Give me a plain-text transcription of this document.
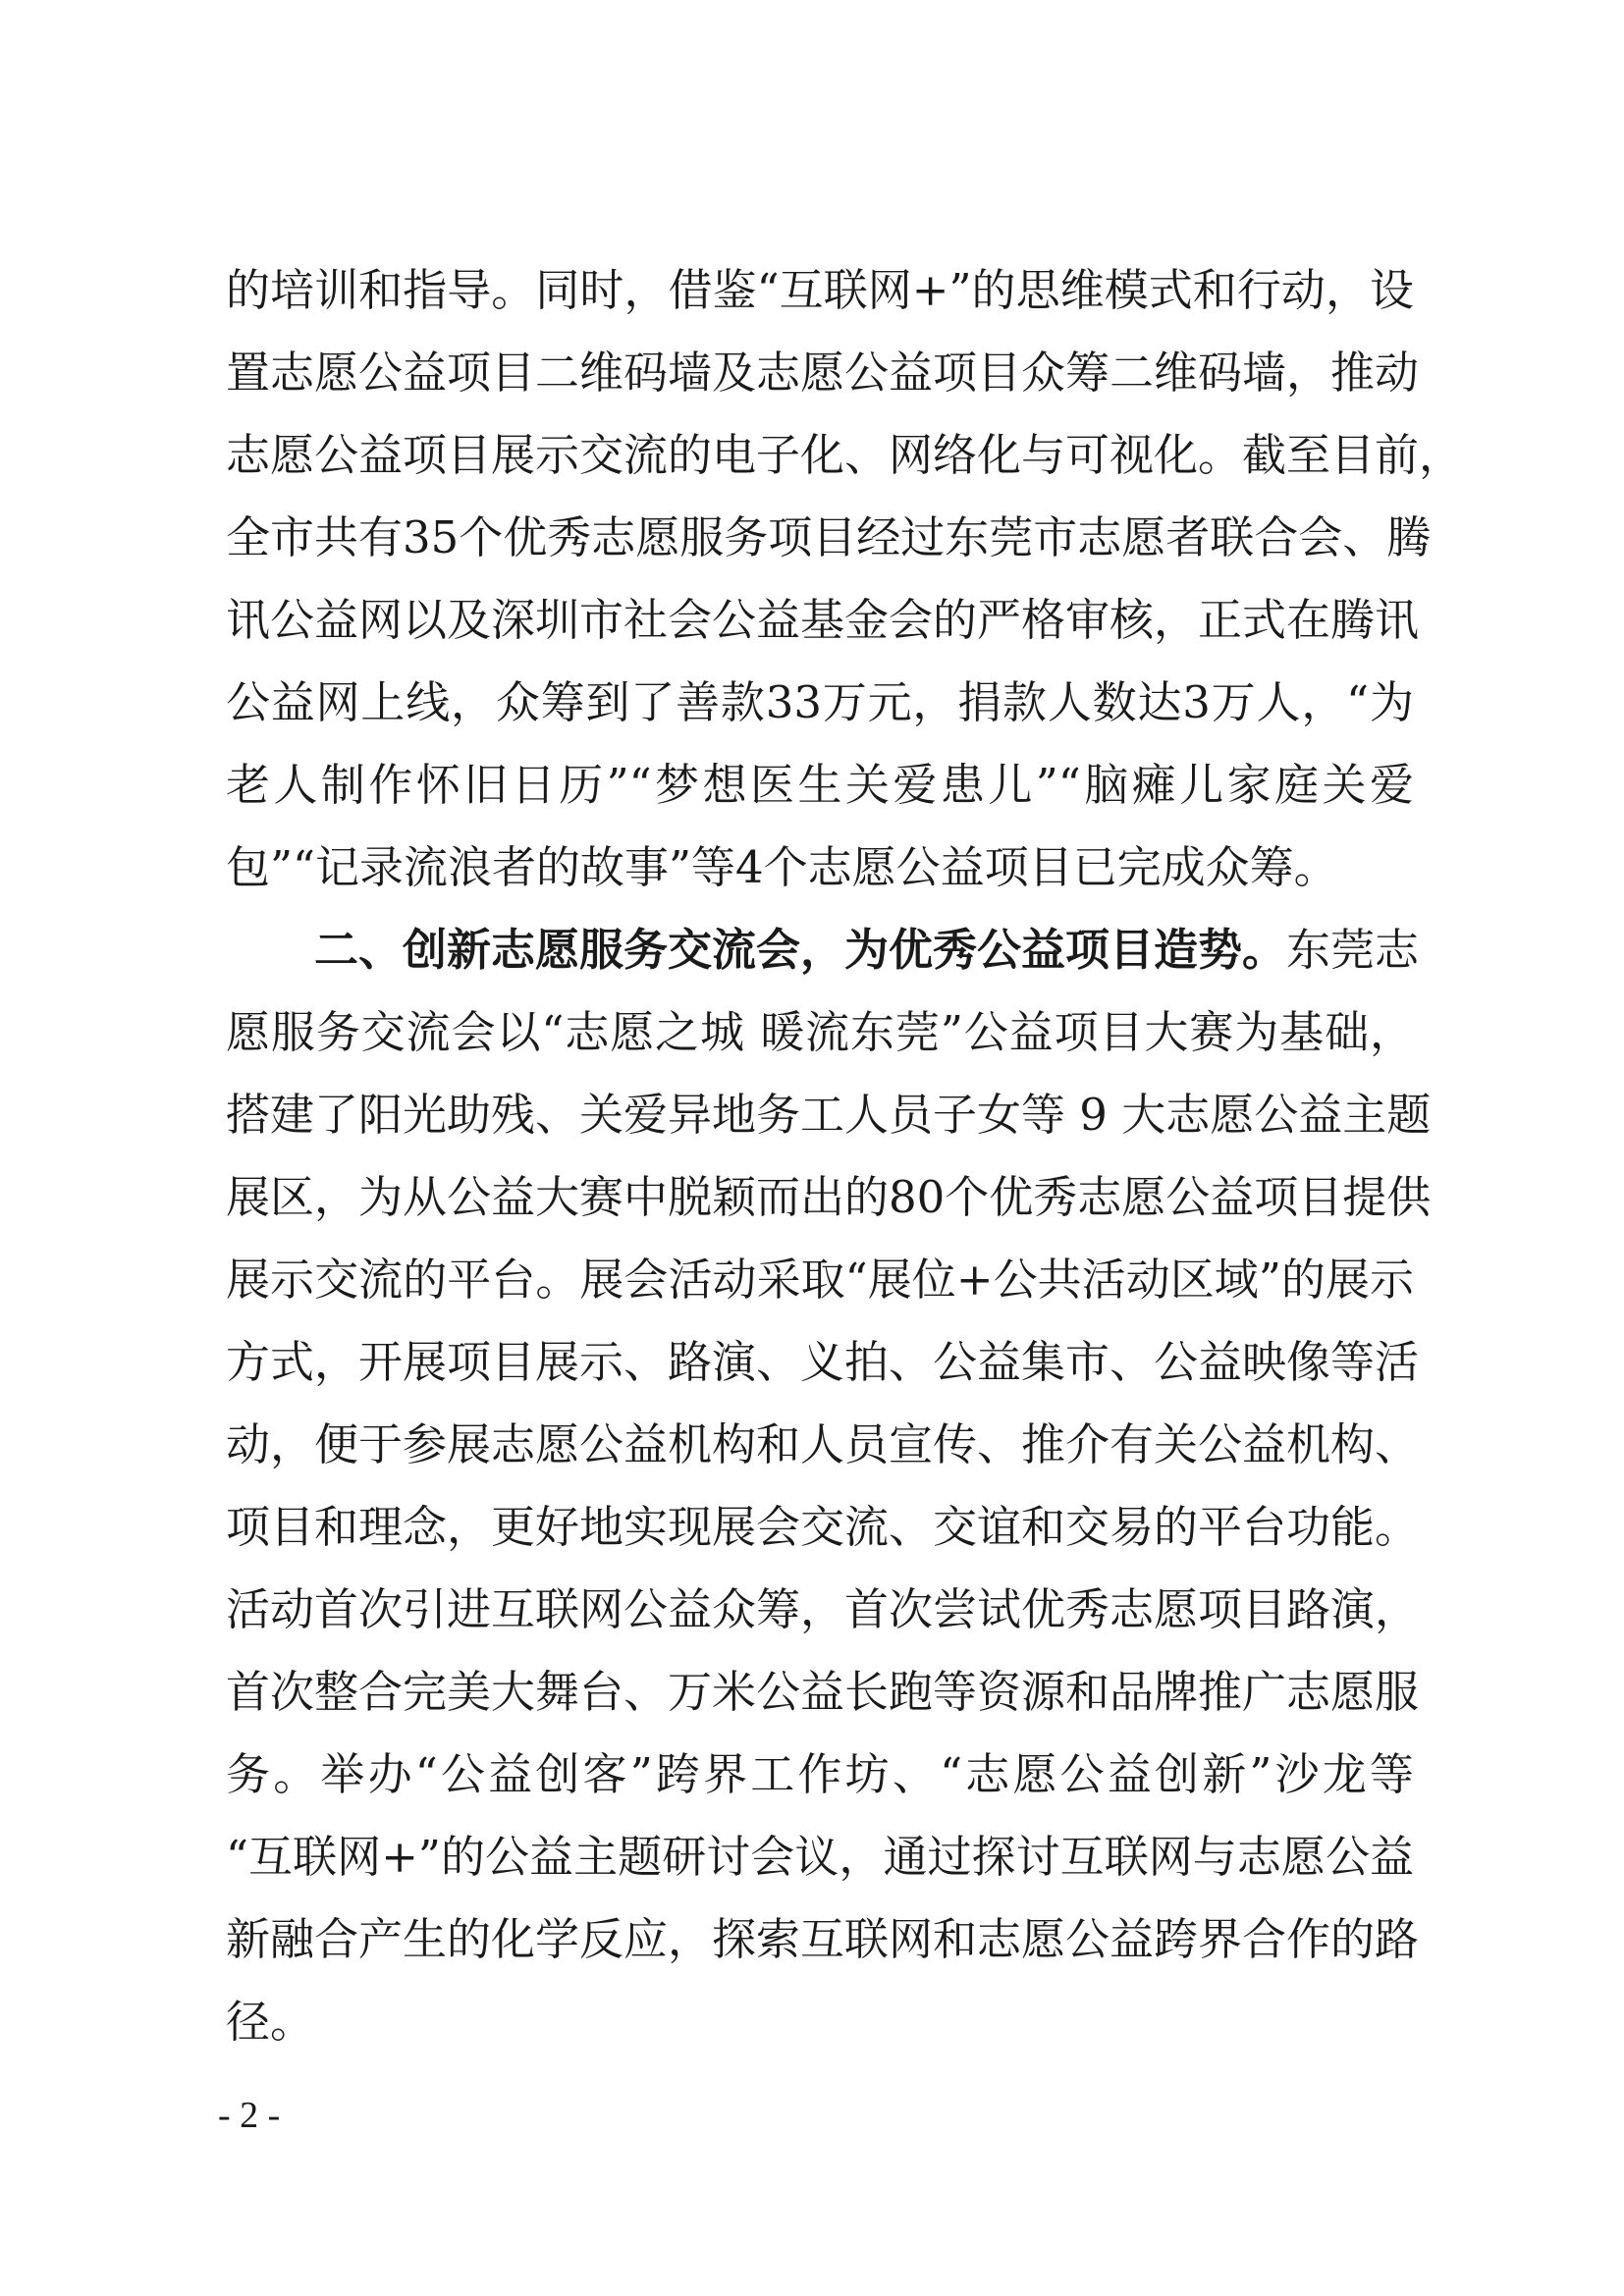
的培训和指导。同时，借鉴“互联网+”的思维模式和行动，设
置志愿公益项目二维码墙及志愿公益项目众筹二维码墙，推动
志愿公益项目展示交流的电子化、网络化与可视化。截至目前，
全市共有35个优秀志愿服务项目经过东莞市志愿者联合会、腾
讯公益网以及深圳市社会公益基金会的严格审核，正式在腾讯
公益网上线，众筹到了善款33万元，捐款人数达3万人，“为
老人制作怀旧日历”“梦想医生关爱患儿”“脑瘫儿家庭关爱
包”“记录流浪者的故事”等4个志愿公益项目已完成众筹。
二、创新志愿服务交流会，为优秀公益项目造势。东莞志
愿服务交流会以“志愿之城 暖流东莞”公益项目大赛为基础，
搭建了阳光助残、关爱异地务工人员子女等 9 大志愿公益主题
展区，为从公益大赛中脱颖而出的80个优秀志愿公益项目提供
展示交流的平台。展会活动采取“展位+公共活动区域”的展示
方式，开展项目展示、路演、义拍、公益集市、公益映像等活
动，便于参展志愿公益机构和人员宣传、推介有关公益机构、
项目和理念，更好地实现展会交流、交谊和交易的平台功能。
活动首次引进互联网公益众筹，首次尝试优秀志愿项目路演，
首次整合完美大舞台、万米公益长跑等资源和品牌推广志愿服
务。举办“公益创客”跨界工作坊、“志愿公益创新”沙龙等
“互联网+”的公益主题研讨会议，通过探讨互联网与志愿公益
新融合产生的化学反应，探索互联网和志愿公益跨界合作的路
径。
- 2 -
